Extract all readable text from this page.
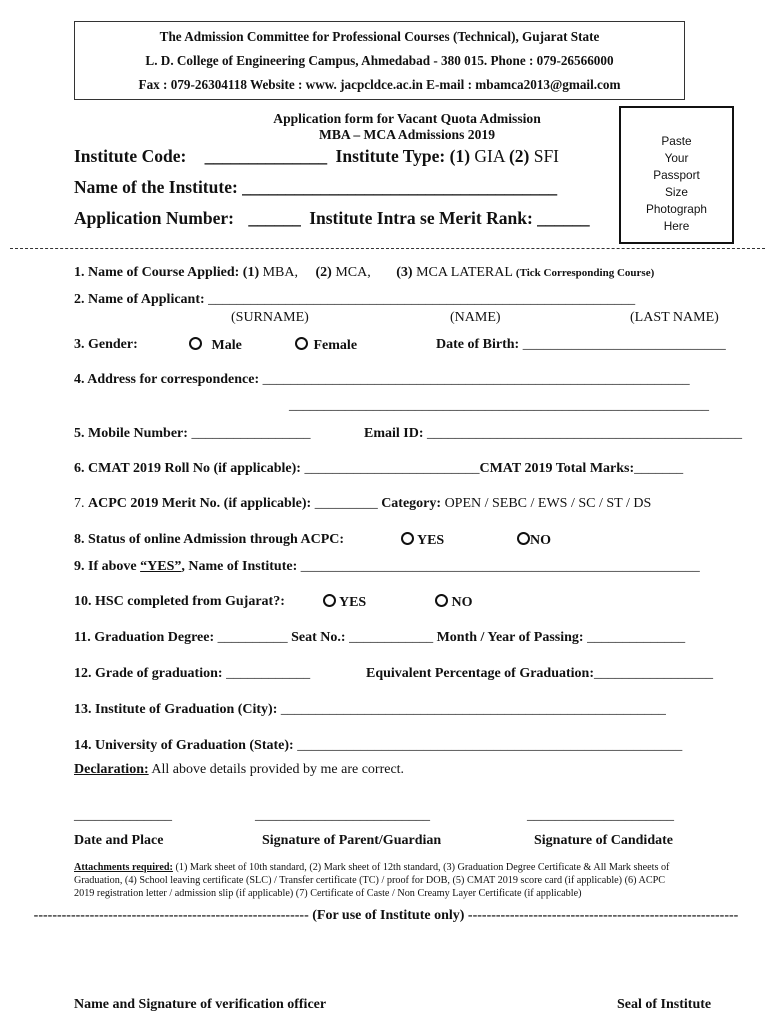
The Admission Committee for Professional Courses (Technical), Gujarat State
L. D. College of Engineering Campus, Ahmedabad - 380 015. Phone : 079-26566000
Fax : 079-26304118 Website : www. jacpcldce.ac.in E-mail : mbamca2013@gmail.com
Application form for Vacant Quota Admission
MBA – MCA Admissions 2019	Paste
Your
Passport
Size
Photograph
Here
Institute Code: ______________ Institute Type: (1) GIA (2) SFI
Name of the Institute: ____________________________________
Application Number: ______ Institute Intra se Merit Rank: ______
1. Name of Course Applied: (1) MBA, (2) MCA, (3) MCA LATERAL (Tick Corresponding Course)
2. Name of Applicant: _____________________________________________________________
(SURNAME)	(NAME)	(LAST NAME)
3. Gender:	Male	Female	Date of Birth: _____________________________
4. Address for correspondence: _____________________________________________________________
____________________________________________________________
5. Mobile Number: _________________	Email ID: _____________________________________________
6. CMAT 2019 Roll No (if applicable): _________________________CMAT 2019 Total Marks:_______
7. ACPC 2019 Merit No. (if applicable): _________ Category: OPEN / SEBC / EWS / SC / ST / DS
8. Status of online Admission through ACPC:	YES	NO
9. If above “YES”, Name of Institute: _________________________________________________________
10. HSC completed from Gujarat?:	YES	NO
11. Graduation Degree: __________ Seat No.: ____________ Month / Year of Passing: ______________
12. Grade of graduation: ____________	Equivalent Percentage of Graduation:_________________
13. Institute of Graduation (City): _______________________________________________________
14. University of Graduation (State): _______________________________________________________
Declaration: All above details provided by me are correct.
______________	_________________________	_____________________
Date and Place	Signature of Parent/Guardian	Signature of Candidate
Attachments required: (1) Mark sheet of 10th standard, (2) Mark sheet of 12th standard, (3) Graduation Degree Certificate & All Mark sheets of
Graduation, (4) School leaving certificate (SLC) / Transfer certificate (TC) / proof for DOB, (5) CMAT 2019 score card (if applicable) (6) ACPC
2019 registration letter / admission slip (if applicable) (7) Certificate of Caste / Non Creamy Layer Certificate (if applicable)
----------------------------------------------------------- (For use of Institute only) ----------------------------------------------------------
Name and Signature of verification officer	Seal of Institute
